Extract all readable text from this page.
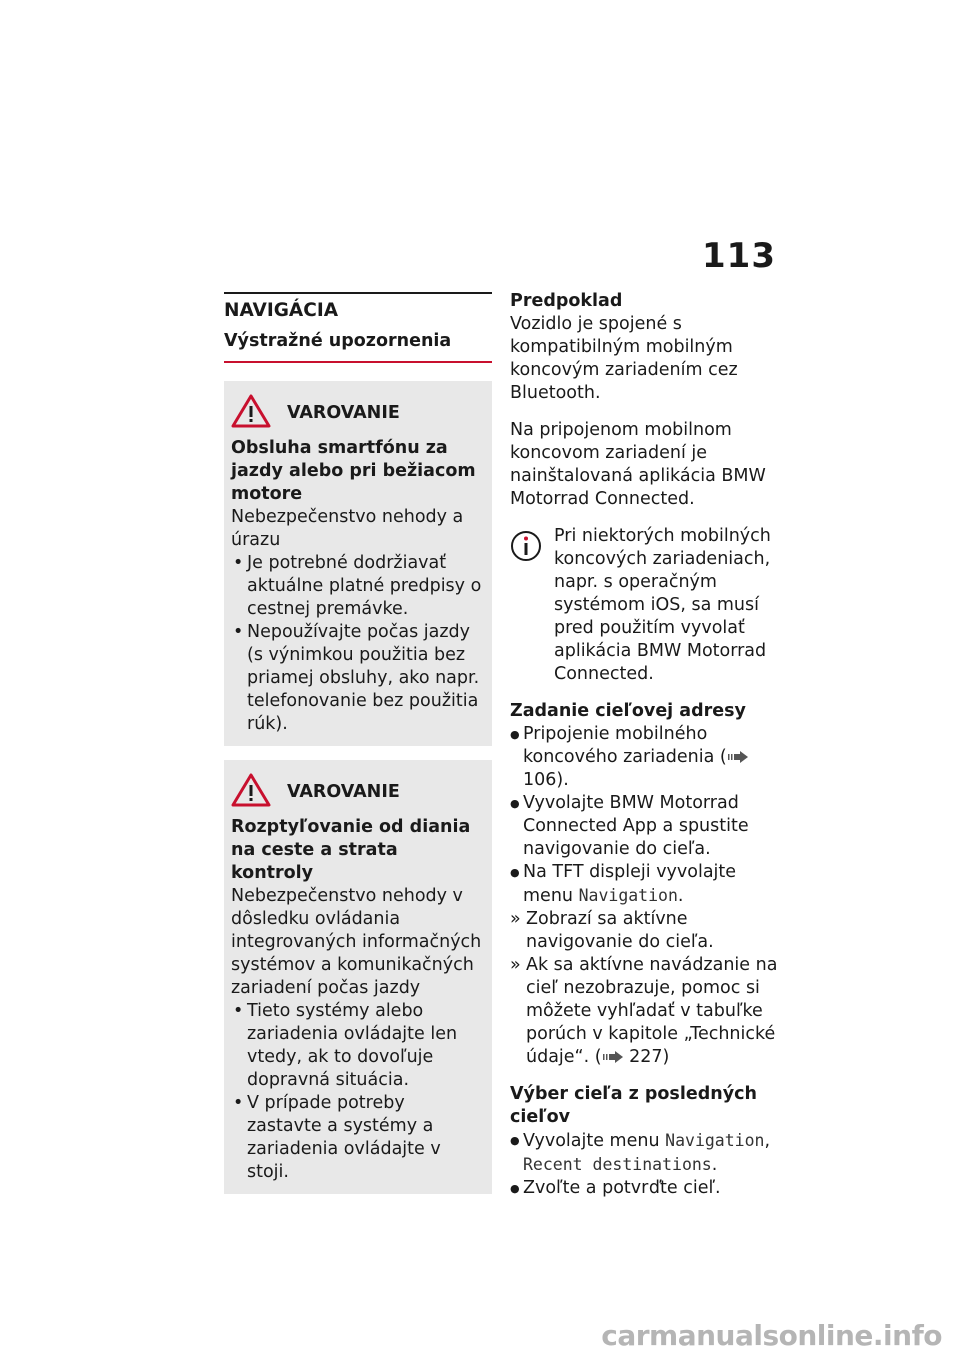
113
NAVIGÁCIA
Výstražné upozornenia
VAROVANIE

Obsluha smartfónu za jazdy alebo pri bežiacom motore

Nebezpečenstvo nehody a úrazu

• Je potrebné dodržiavať aktuálne platné predpisy o cestnej premávke.
• Nepoužívajte počas jazdy (s výnimkou použitia bez priamej obsluhy, ako napr. telefonovanie bez použitia rúk).
VAROVANIE

Rozptyľovanie od diania na ceste a strata kontroly

Nebezpečenstvo nehody v dôsledku ovládania integrovaných informačných systémov a komunikačných zariadení počas jazdy

• Tieto systémy alebo zariadenia ovládajte len vtedy, ak to dovoľuje dopravná situácia.
• V prípade potreby zastavte a systémy a zariadenia ovládajte v stoji.
Predpoklad

Vozidlo je spojené s kompatibilným mobilným koncovým zariadením cez Bluetooth.

Na pripojenom mobilnom koncovom zariadení je nainštalovaná aplikácia BMW Motorrad Connected.

Pri niektorých mobilných koncových zariadeniach, napr. s operačným systémom iOS, sa musí pred použitím vyvolať aplikácia BMW Motorrad Connected.

Zadanie cieľovej adresy
● Pripojenie mobilného koncového zariadenia ( 106).
● Vyvolajte BMW Motorrad Connected App a spustite navigovanie do cieľa.
● Na TFT displeji vyvolajte menu Navigation.
» Zobrazí sa aktívne navigovanie do cieľa.
» Ak sa aktívne navádzanie na cieľ nezobrazuje, pomoc si môžete vyhľadať v tabuľke porúch v kapitole „Technické údaje“. ( 227)
Výber cieľa z posledných cieľov
● Vyvolajte menu Navigation, Recent destinations.
● Zvoľte a potvrďte cieľ.
carmanualsonline.info
